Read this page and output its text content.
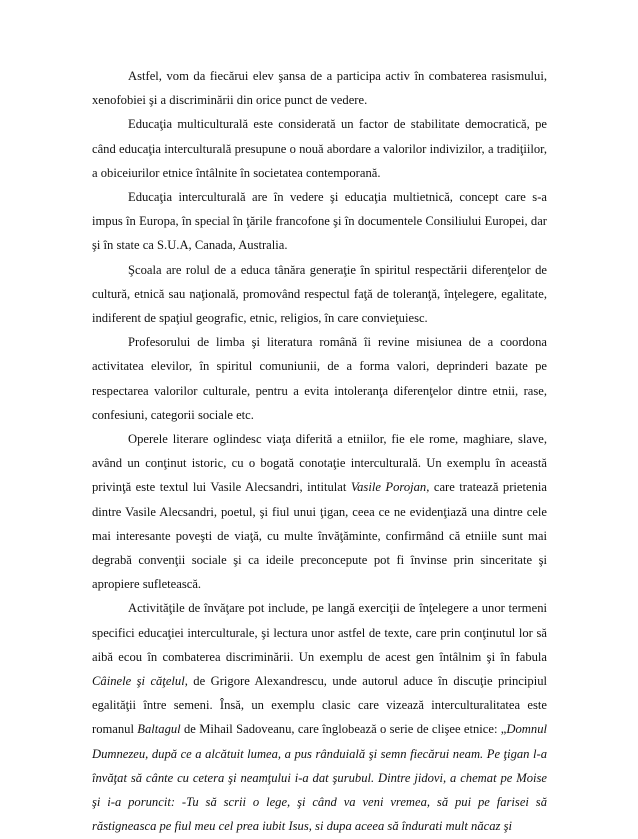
Astfel, vom da fiecărui elev şansa de a participa activ în combaterea rasismului, xenofobiei şi a discriminării din orice punct de vedere.

Educaţia multiculturală este considerată un factor de stabilitate democratică, pe când educaţia interculturală presupune o nouă abordare a valorilor indivizilor, a tradiţiilor, a obiceiurilor etnice întâlnite în societatea contemporană.

Educaţia interculturală are în vedere şi educaţia multietnică, concept care s-a impus în Europa, în special în ţările francofone şi în documentele Consiliului Europei, dar şi în state ca S.U.A, Canada, Australia.

Şcoala are rolul de a educa tânăra generaţie în spiritul respectării diferenţelor de cultură, etnică sau naţională, promovând respectul faţă de toleranţă, înţelegere, egalitate, indiferent de spaţiul geografic, etnic, religios, în care convieţuiesc.

Profesorului de limba şi literatura română îi revine misiunea de a coordona activitatea elevilor, în spiritul comuniunii, de a forma valori, deprinderi bazate pe respectarea valorilor culturale, pentru a evita intoleranţa diferenţelor dintre etnii, rase, confesiuni, categorii sociale etc.

Operele literare oglindesc viaţa diferită a etniilor, fie ele rome, maghiare, slave, având un conţinut istoric, cu o bogată conotaţie interculturală. Un exemplu în această privinţă este textul lui Vasile Alecsandri, intitulat Vasile Porojan, care tratează prietenia dintre Vasile Alecsandri, poetul, şi fiul unui ţigan, ceea ce ne evidenţiază una dintre cele mai interesante poveşti de viaţă, cu multe învăţăminte, confirmând că etniile sunt mai degrabă convenţii sociale şi ca ideile preconcepute pot fi învinse prin sinceritate şi apropiere sufletească.

Activităţile de învăţare pot include, pe langă exerciţii de înţelegere a unor termeni specifici educaţiei interculturale, şi lectura unor astfel de texte, care prin conţinutul lor să aibă ecou în combaterea discriminării. Un exemplu de acest gen întâlnim şi în fabula Câinele şi căţelul, de Grigore Alexandrescu, unde autorul aduce în discuţie principiul egalităţii între semeni. Însă, un exemplu clasic care vizează interculturalitatea este romanul Baltagul de Mihail Sadoveanu, care înglobează o serie de clişee etnice: „Domnul Dumnezeu, după ce a alcătuit lumea, a pus rânduială şi semn fiecărui neam. Pe ţigan l-a învăţat să cânte cu cetera şi neamţului i-a dat şurubul. Dintre jidovi, a chemat pe Moise şi i-a poruncit: -Tu să scrii o lege, şi când va veni vremea, să pui pe farisei să răstigneasca pe fiul meu cel prea iubit Isus, si dupa aceea să îndurati mult năcaz şi
